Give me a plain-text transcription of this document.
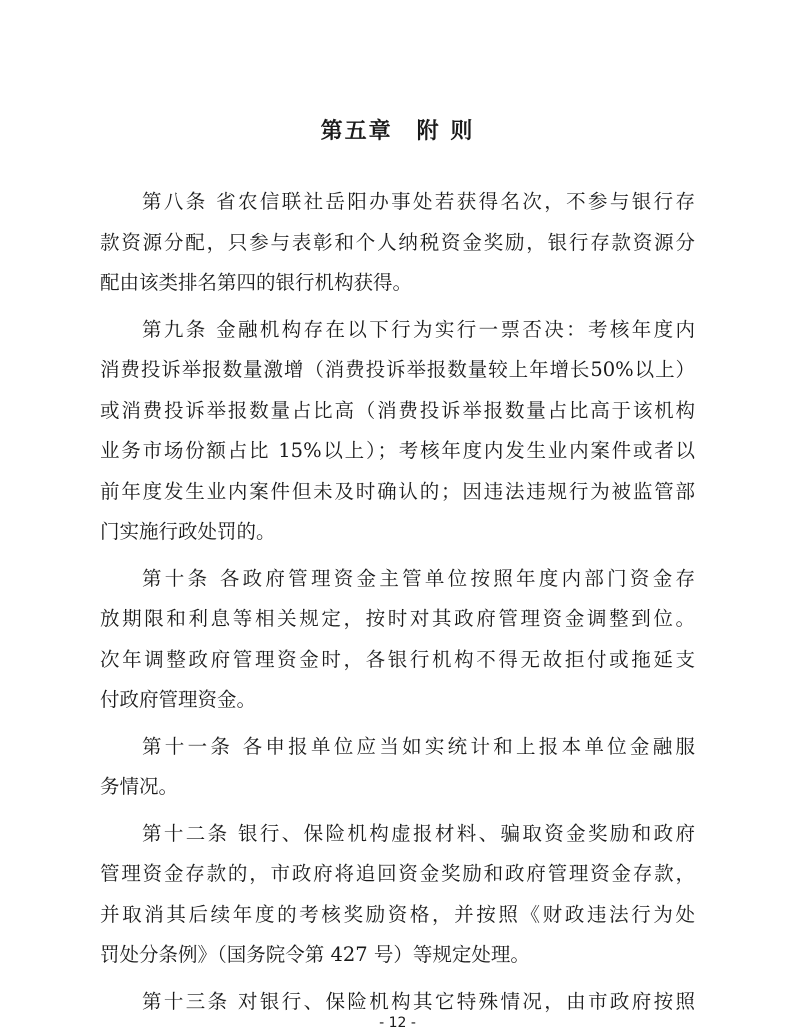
第五章　附 则
第八条 省农信联社岳阳办事处若获得名次，不参与银行存
款资源分配，只参与表彰和个人纳税资金奖励，银行存款资源分
配由该类排名第四的银行机构获得。
第九条 金融机构存在以下行为实行一票否决：考核年度内
消费投诉举报数量激增（消费投诉举报数量较上年增长50%以上）
或消费投诉举报数量占比高（消费投诉举报数量占比高于该机构
业务市场份额占比 15%以上）；考核年度内发生业内案件或者以
前年度发生业内案件但未及时确认的；因违法违规行为被监管部
门实施行政处罚的。
第十条 各政府管理资金主管单位按照年度内部门资金存
放期限和利息等相关规定，按时对其政府管理资金调整到位。
次年调整政府管理资金时，各银行机构不得无故拒付或拖延支
付政府管理资金。
第十一条 各申报单位应当如实统计和上报本单位金融服
务情况。
第十二条 银行、保险机构虚报材料、骗取资金奖励和政府
管理资金存款的，市政府将追回资金奖励和政府管理资金存款，
并取消其后续年度的考核奖励资格，并按照《财政违法行为处
罚处分条例》（国务院令第 427 号）等规定处理。
第十三条 对银行、保险机构其它特殊情况，由市政府按照
- 12 -
